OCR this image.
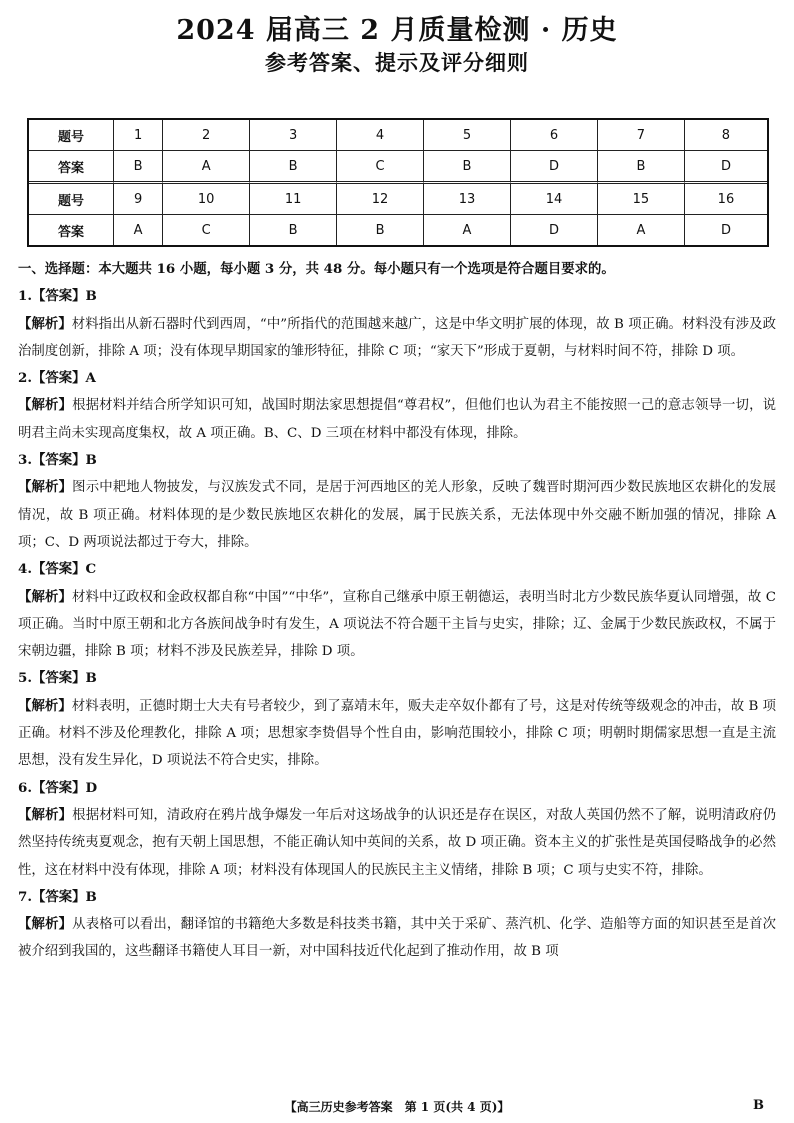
2024 届高三 2 月质量检测 · 历史
参考答案、提示及评分细则
题号	1	2	3	4	5	6	7	8
答案	B	A	B	C	B	D	B	D
题号	9	10	11	12	13	14	15	16
答案	A	C	B	B	A	D	A	D

一、选择题：本大题共 16 小题，每小题 3 分，共 48 分。每小题只有一个选项是符合题目要求的。

1.【答案】B

【解析】材料指出从新石器时代到西周，“中”所指代的范围越来越广，这是中华文明扩展的体现，故 B 项正确。材料没有涉及政治制度创新，排除 A 项；没有体现早期国家的雏形特征，排除 C 项；“家天下”形成于夏朝，与材料时间不符，排除 D 项。

2.【答案】A

【解析】根据材料并结合所学知识可知，战国时期法家思想提倡“尊君权”，但他们也认为君主不能按照一己的意志领导一切，说明君主尚未实现高度集权，故 A 项正确。B、C、D 三项在材料中都没有体现，排除。

3.【答案】B

【解析】图示中耙地人物披发，与汉族发式不同，是居于河西地区的羌人形象，反映了魏晋时期河西少数民族地区农耕化的发展情况，故 B 项正确。材料体现的是少数民族地区农耕化的发展，属于民族关系，无法体现中外交融不断加强的情况，排除 A 项；C、D 两项说法都过于夸大，排除。

4.【答案】C

【解析】材料中辽政权和金政权都自称“中国”“中华”，宣称自己继承中原王朝德运，表明当时北方少数民族华夏认同增强，故 C 项正确。当时中原王朝和北方各族间战争时有发生，A 项说法不符合题干主旨与史实，排除；辽、金属于少数民族政权，不属于宋朝边疆，排除 B 项；材料不涉及民族差异，排除 D 项。

5.【答案】B

【解析】材料表明，正德时期士大夫有号者较少，到了嘉靖末年，贩夫走卒奴仆都有了号，这是对传统等级观念的冲击，故 B 项正确。材料不涉及伦理教化，排除 A 项；思想家李贽倡导个性自由，影响范围较小，排除 C 项；明朝时期儒家思想一直是主流思想，没有发生异化，D 项说法不符合史实，排除。

6.【答案】D

【解析】根据材料可知，清政府在鸦片战争爆发一年后对这场战争的认识还是存在误区，对敌人英国仍然不了解，说明清政府仍然坚持传统夷夏观念，抱有天朝上国思想，不能正确认知中英间的关系，故 D 项正确。资本主义的扩张性是英国侵略战争的必然性，这在材料中没有体现，排除 A 项；材料没有体现国人的民族民主主义情绪，排除 B 项；C 项与史实不符，排除。

7.【答案】B

【解析】从表格可以看出，翻译馆的书籍绝大多数是科技类书籍，其中关于采矿、蒸汽机、化学、造船等方面的知识甚至是首次被介绍到我国的，这些翻译书籍使人耳目一新，对中国科技近代化起到了推动作用，故 B 项

【高三历史参考答案　第 1 页(共 4 页)】	B
